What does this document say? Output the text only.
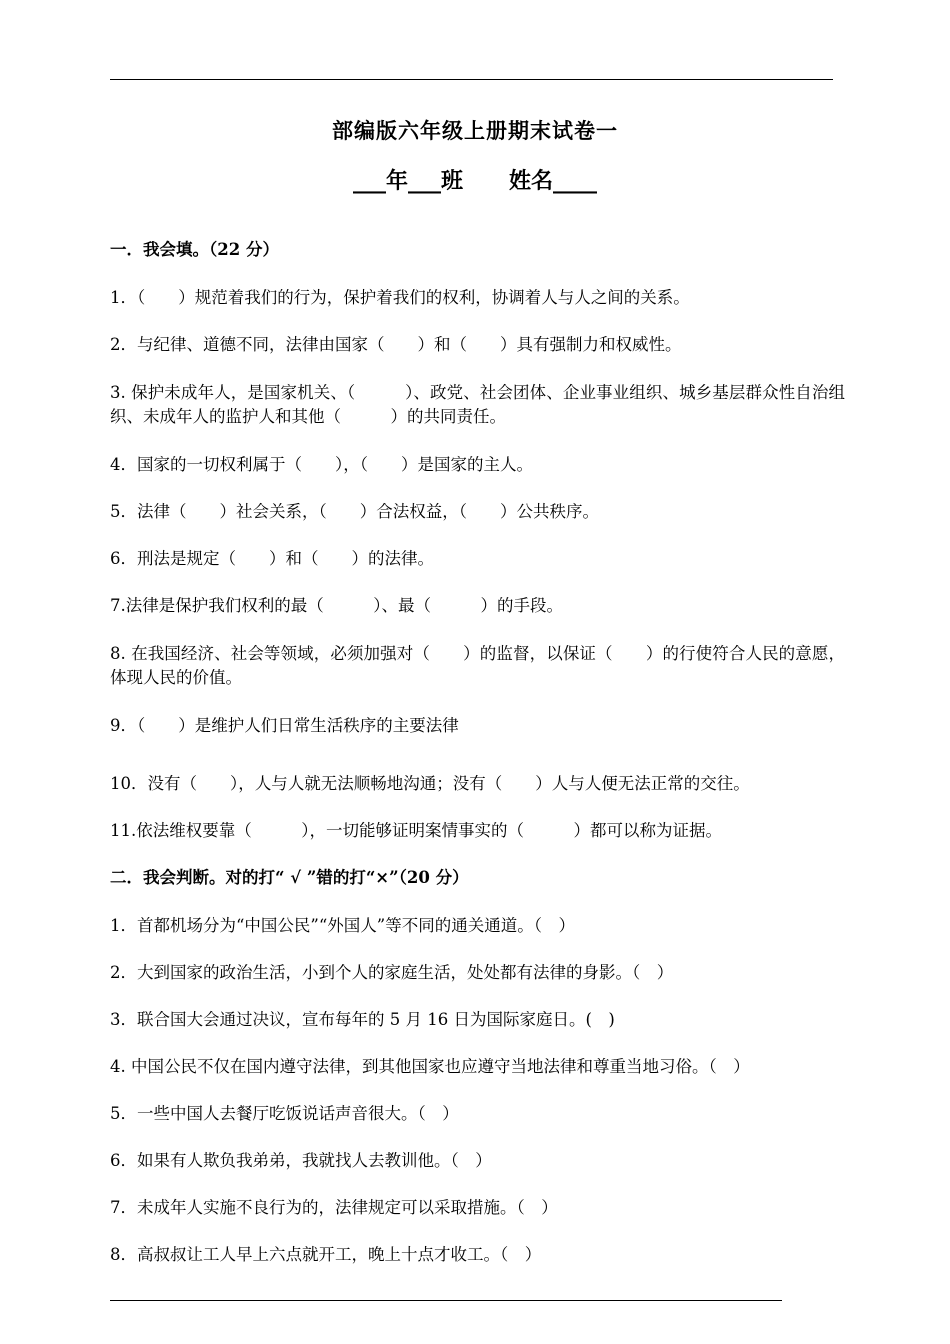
部编版六年级上册期末试卷一
___年___班      姓名____
一．我会填。（22 分）
1．（　　）规范着我们的行为，保护着我们的权利，协调着人与人之间的关系。
2．与纪律、道德不同，法律由国家（　　）和（　　）具有强制力和权威性。
3. 保护未成年人，是国家机关、（　　　）、政党、社会团体、企业事业组织、城乡基层群众性自治组织、未成年人的监护人和其他（　　　）的共同责任。
4．国家的一切权利属于（　　），（　　）是国家的主人。
5．法律（　　）社会关系，（　　）合法权益，（　　）公共秩序。
6．刑法是规定（　　）和（　　）的法律。
7.法律是保护我们权利的最（　　　）、最（　　　）的手段。
8. 在我国经济、社会等领域，必须加强对（　　）的监督，以保证（　　）的行使符合人民的意愿，体现人民的价值。
9．（　　）是维护人们日常生活秩序的主要法律
10．没有（　　），人与人就无法顺畅地沟通；没有（　　）人与人便无法正常的交往。
11.依法维权要靠（　　　），一切能够证明案情事实的（　　　）都可以称为证据。
二．我会判断。对的打“ √ ”错的打“×”（20 分）
1．首都机场分为“中国公民”“外国人”等不同的通关通道。（　）
2．大到国家的政治生活，小到个人的家庭生活，处处都有法律的身影。（　）
3．联合国大会通过决议，宣布每年的 5 月 16 日为国际家庭日。(　)
4. 中国公民不仅在国内遵守法律，到其他国家也应遵守当地法律和尊重当地习俗。（　）
5．一些中国人去餐厅吃饭说话声音很大。（　）
6．如果有人欺负我弟弟，我就找人去教训他。（　）
7．未成年人实施不良行为的，法律规定可以采取措施。（　）
8．高叔叔让工人早上六点就开工，晚上十点才收工。（　）
